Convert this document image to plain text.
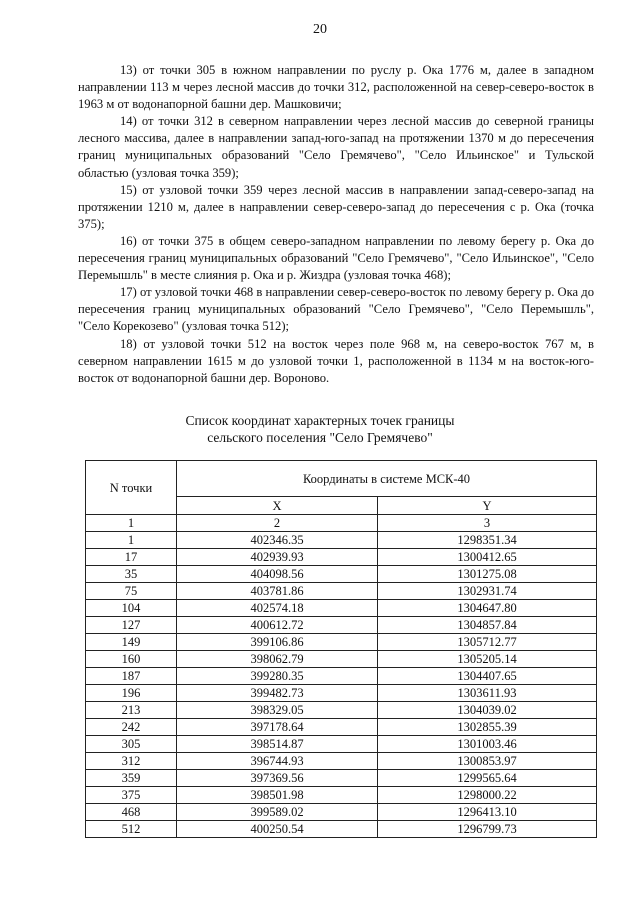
20

13) от точки 305 в южном направлении по руслу р. Ока 1776 м, далее в западном направлении 113 м через лесной массив до точки 312, расположенной на север-северо-восток в 1963 м от водонапорной башни дер. Машковичи;

14) от точки 312 в северном направлении через лесной массив до северной границы лесного массива, далее в направлении запад-юго-запад на протяжении 1370 м до пересечения границ муниципальных образований "Село Гремячево", "Село Ильинское" и Тульской областью (узловая точка 359);

15) от узловой точки 359 через лесной массив в направлении запад-северо-запад на протяжении 1210 м, далее в направлении север-северо-запад до пересечения с р. Ока (точка 375);

16) от точки 375 в общем северо-западном направлении по левому берегу р. Ока до пересечения границ муниципальных образований "Село Гремячево", "Село Ильинское", "Село Перемышль" в месте слияния р. Ока и р. Жиздра (узловая точка 468);

17) от узловой точки 468 в направлении север-северо-восток по левому берегу р. Ока до пересечения границ муниципальных образований "Село Гремячево", "Село Перемышль", "Село Корекозево" (узловая точка 512);

18) от узловой точки 512 на восток через поле 968 м, на северо-восток 767 м, в северном направлении 1615 м до узловой точки 1, расположенной в 1134 м на восток-юго-восток от водонапорной башни дер. Вороново.

Список координат характерных точек границы
сельского поселения "Село Гремячево"
N точки	Координаты в системе МСК-40	
	X	Y
1	2	3
1	402346.35	1298351.34
17	402939.93	1300412.65
35	404098.56	1301275.08
75	403781.86	1302931.74
104	402574.18	1304647.80
127	400612.72	1304857.84
149	399106.86	1305712.77
160	398062.79	1305205.14
187	399280.35	1304407.65
196	399482.73	1303611.93
213	398329.05	1304039.02
242	397178.64	1302855.39
305	398514.87	1301003.46
312	396744.93	1300853.97
359	397369.56	1299565.64
375	398501.98	1298000.22
468	399589.02	1296413.10
512	400250.54	1296799.73
